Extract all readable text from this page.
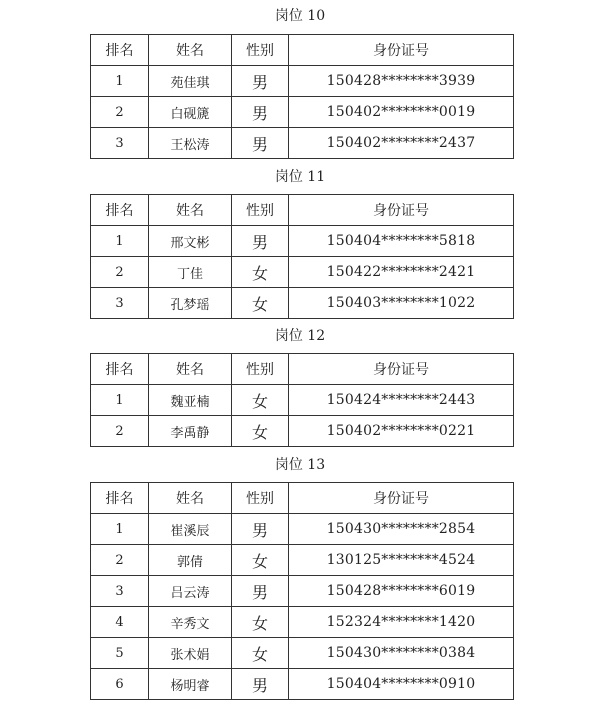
岗位 10
排名	姓名	性别	身份证号
1	苑佳琪	男	150428********3939
2	白砚篪	男	150402********0019
3	王松涛	男	150402********2437
岗位 11
排名	姓名	性别	身份证号
1	邢文彬	男	150404********5818
2	丁佳	女	150422********2421
3	孔梦瑶	女	150403********1022
岗位 12
排名	姓名	性别	身份证号
1	魏亚楠	女	150424********2443
2	李禹静	女	150402********0221
岗位 13
排名	姓名	性别	身份证号
1	崔溪辰	男	150430********2854
2	郭倩	女	130125********4524
3	吕云涛	男	150428********6019
4	辛秀文	女	152324********1420
5	张术娟	女	150430********0384
6	杨明睿	男	150404********0910
